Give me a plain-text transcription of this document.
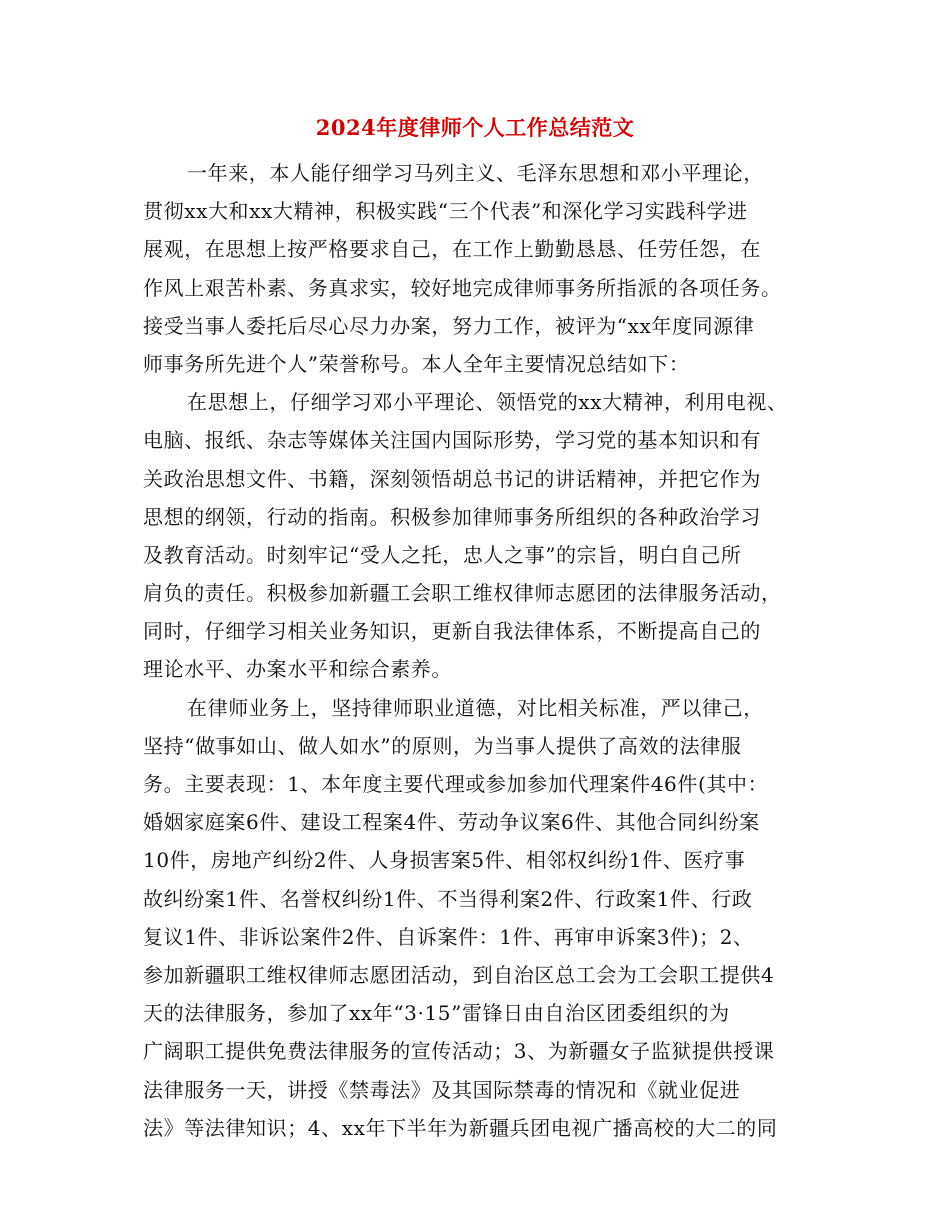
2024年度律师个人工作总结范文
一年来，本人能仔细学习马列主义、毛泽东思想和邓小平理论，
贯彻xx大和xx大精神，积极实践“三个代表”和深化学习实践科学进
展观，在思想上按严格要求自己，在工作上勤勤恳恳、任劳任怨，在
作风上艰苦朴素、务真求实，较好地完成律师事务所指派的各项任务。
接受当事人委托后尽心尽力办案，努力工作，被评为“xx年度同源律
师事务所先进个人”荣誉称号。本人全年主要情况总结如下：
在思想上，仔细学习邓小平理论、领悟党的xx大精神，利用电视、
电脑、报纸、杂志等媒体关注国内国际形势，学习党的基本知识和有
关政治思想文件、书籍，深刻领悟胡总书记的讲话精神，并把它作为
思想的纲领，行动的指南。积极参加律师事务所组织的各种政治学习
及教育活动。时刻牢记“受人之托，忠人之事”的宗旨，明白自己所
肩负的责任。积极参加新疆工会职工维权律师志愿团的法律服务活动，
同时，仔细学习相关业务知识，更新自我法律体系，不断提高自己的
理论水平、办案水平和综合素养。
在律师业务上，坚持律师职业道德，对比相关标准，严以律己，
坚持“做事如山、做人如水”的原则，为当事人提供了高效的法律服
务。主要表现：1、本年度主要代理或参加参加代理案件46件(其中：
婚姻家庭案6件、建设工程案4件、劳动争议案6件、其他合同纠纷案
10件，房地产纠纷2件、人身损害案5件、相邻权纠纷1件、医疗事
故纠纷案1件、名誉权纠纷1件、不当得利案2件、行政案1件、行政
复议1件、非诉讼案件2件、自诉案件：1件、再审申诉案3件)；2、
参加新疆职工维权律师志愿团活动，到自治区总工会为工会职工提供4
天的法律服务，参加了xx年“3·15”雷锋日由自治区团委组织的为
广阔职工提供免费法律服务的宣传活动；3、为新疆女子监狱提供授课
法律服务一天，讲授《禁毒法》及其国际禁毒的情况和《就业促进
法》等法律知识；4、xx年下半年为新疆兵团电视广播高校的大二的同
